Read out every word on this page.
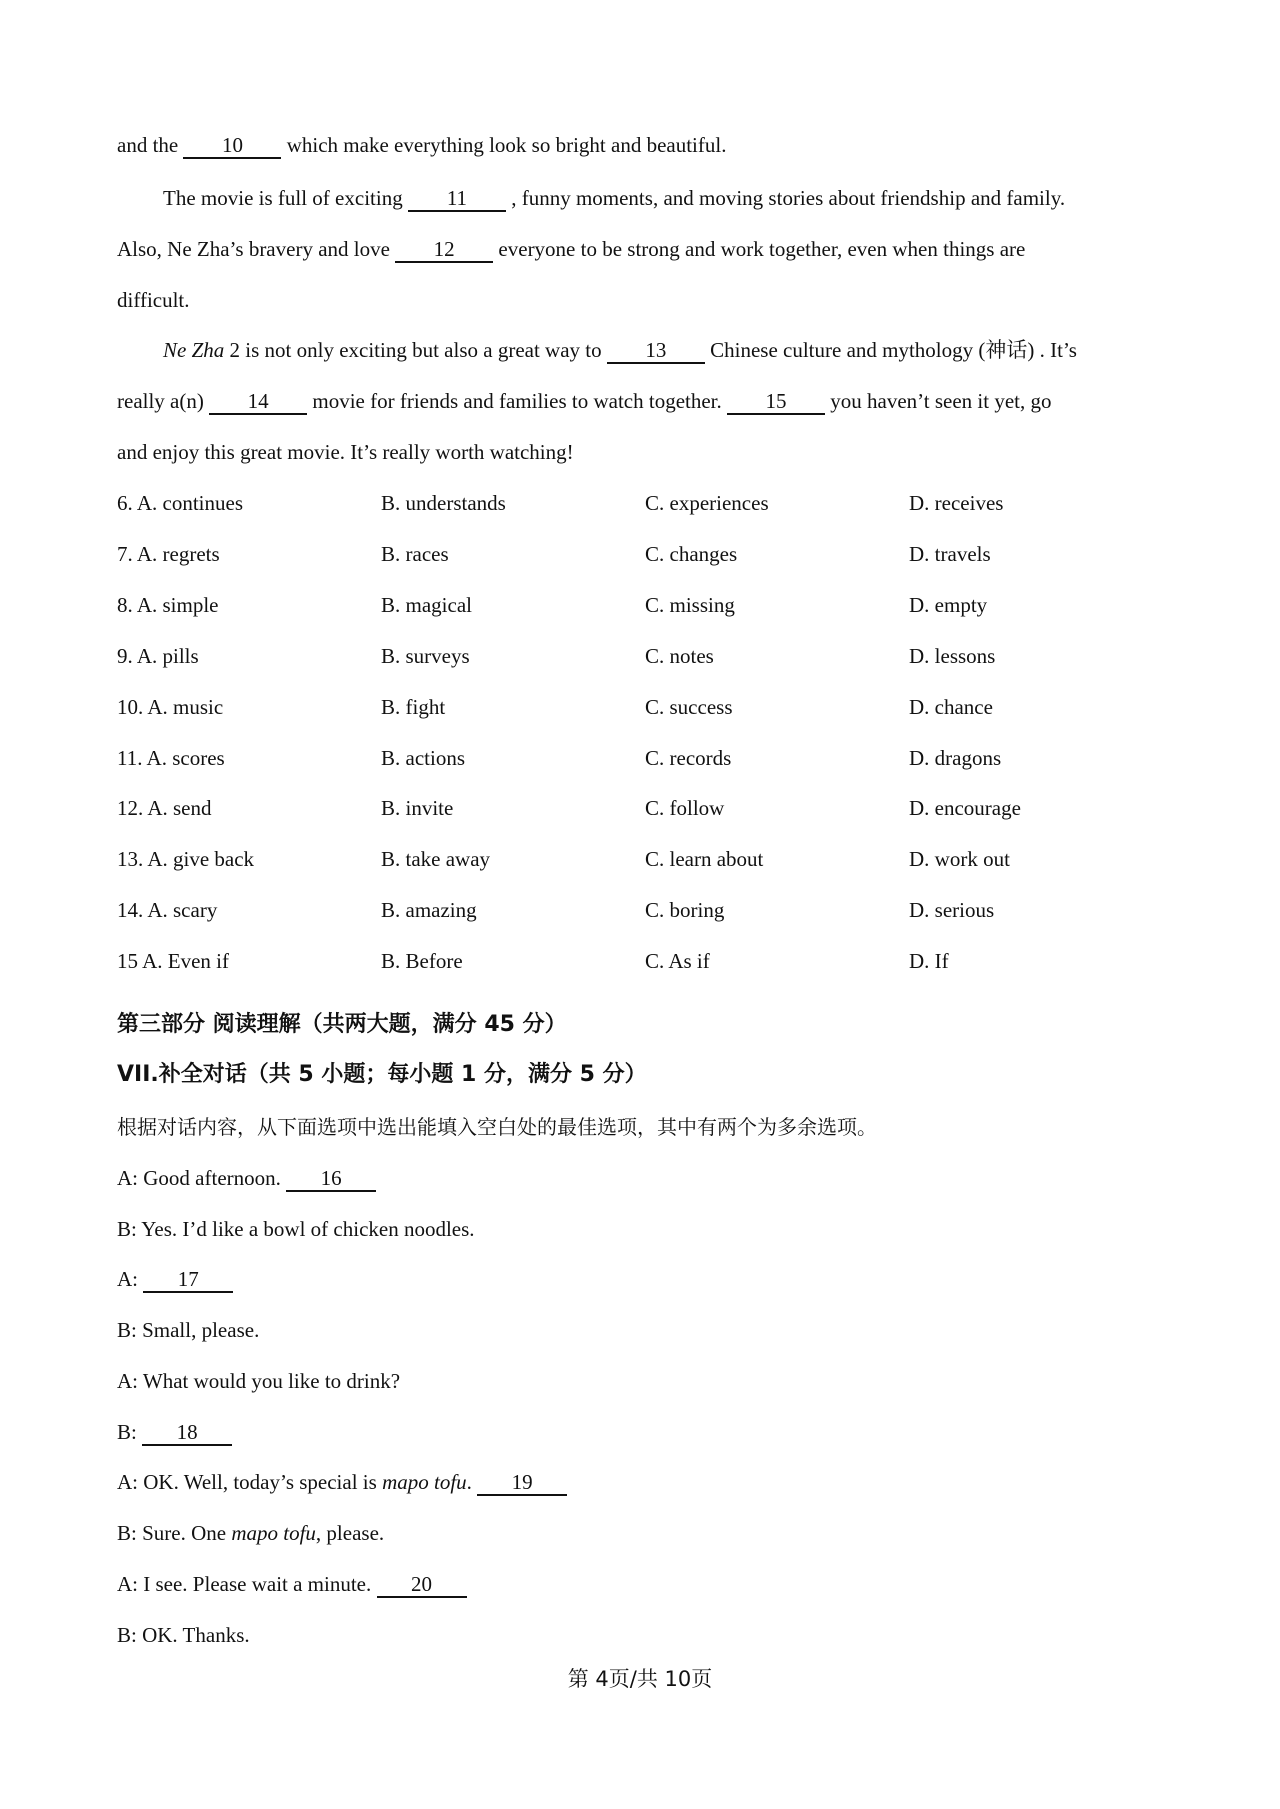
and the 10 which make everything look so bright and beautiful.
The movie is full of exciting 11 , funny moments, and moving stories about friendship and family.
Also, Ne Zha’s bravery and love 12 everyone to be strong and work together, even when things are
difficult.
Ne Zha 2 is not only exciting but also a great way to 13 Chinese culture and mythology (神话) . It’s
really a(n) 14 movie for friends and families to watch together. 15 you haven’t seen it yet, go
and enjoy this great movie. It’s really worth watching!
6. A. continues	B. understands	C. experiences	D. receives
7. A. regrets	B. races	C. changes	D. travels
8. A. simple	B. magical	C. missing	D. empty
9. A. pills	B. surveys	C. notes	D. lessons
10. A. music	B. fight	C. success	D. chance
11. A. scores	B. actions	C. records	D. dragons
12. A. send	B. invite	C. follow	D. encourage
13. A. give back	B. take away	C. learn about	D. work out
14. A. scary	B. amazing	C. boring	D. serious
15 A. Even if	B. Before	C. As if	D. If
第三部分 阅读理解（共两大题，满分 45 分）
VII.补全对话（共 5 小题；每小题 1 分，满分 5 分）
根据对话内容，从下面选项中选出能填入空白处的最佳选项，其中有两个为多余选项。
A: Good afternoon. 16
B: Yes. I’d like a bowl of chicken noodles.
A: 17
B: Small, please.
A: What would you like to drink?
B: 18
A: OK. Well, today’s special is mapo tofu. 19
B: Sure. One mapo tofu, please.
A: I see. Please wait a minute. 20
B: OK. Thanks.
第 4页/共 10页
